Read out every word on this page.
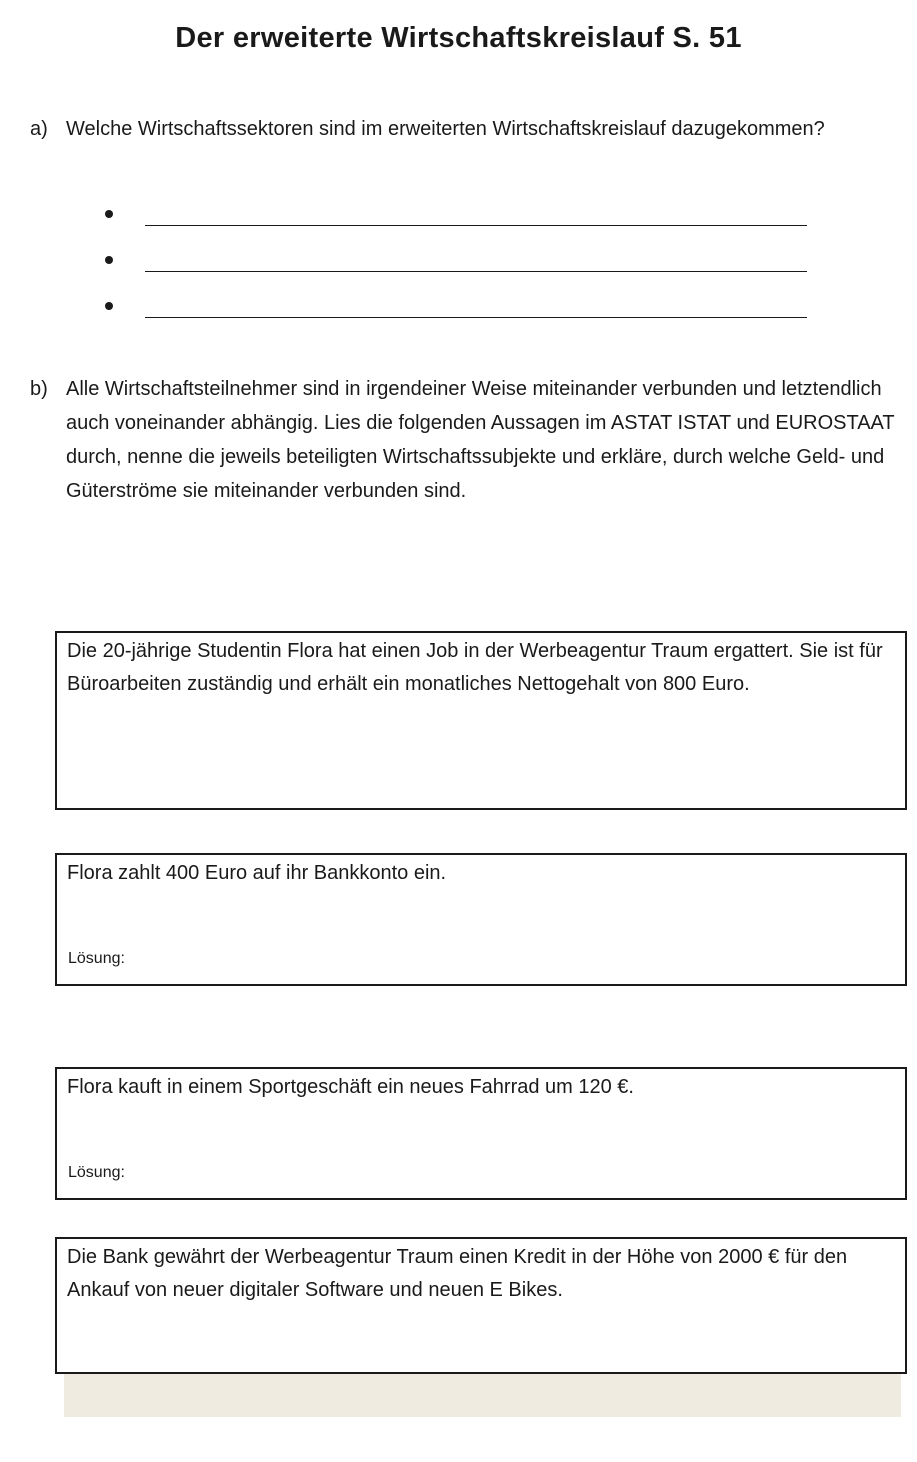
Der erweiterte Wirtschaftskreislauf S. 51
a) Welche Wirtschaftssektoren sind im erweiterten Wirtschaftskreislauf dazugekommen?
b) Alle Wirtschaftsteilnehmer sind in irgendeiner Weise miteinander verbunden und letztendlich auch voneinander abhängig. Lies die folgenden Aussagen im ASTAT ISTAT und EUROSTAAT durch, nenne die jeweils beteiligten Wirtschaftssubjekte und erkläre, durch welche Geld- und Güterströme sie miteinander verbunden sind.
Die 20-jährige Studentin Flora hat einen Job in der Werbeagentur Traum ergattert. Sie ist für Büroarbeiten zuständig und erhält ein monatliches Nettogehalt von 800 Euro.
Flora zahlt 400 Euro auf ihr Bankkonto ein.
Lösung:
Flora kauft in einem Sportgeschäft ein neues Fahrrad um 120 €.
Lösung:
Die Bank gewährt der Werbeagentur Traum einen Kredit in der Höhe von 2000 € für den Ankauf von neuer digitaler Software und neuen E Bikes.
